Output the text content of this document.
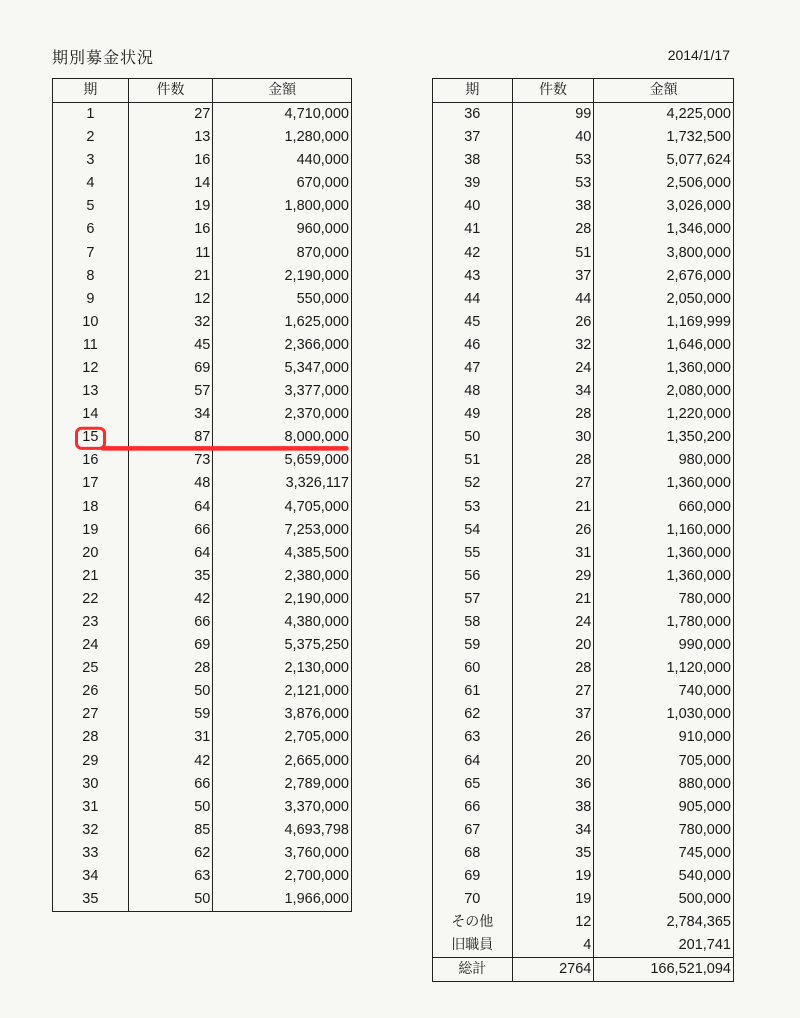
期別募金状況	2014/1/17
期	件数	金額
1	27	4,710,000
2	13	1,280,000
3	16	440,000
4	14	670,000
5	19	1,800,000
6	16	960,000
7	11	870,000
8	21	2,190,000
9	12	550,000
10	32	1,625,000
11	45	2,366,000
12	69	5,347,000
13	57	3,377,000
14	34	2,370,000
15	87	8,000,000
16	73	5,659,000
17	48	3,326,117
18	64	4,705,000
19	66	7,253,000
20	64	4,385,500
21	35	2,380,000
22	42	2,190,000
23	66	4,380,000
24	69	5,375,250
25	28	2,130,000
26	50	2,121,000
27	59	3,876,000
28	31	2,705,000
29	42	2,665,000
30	66	2,789,000
31	50	3,370,000
32	85	4,693,798
33	62	3,760,000
34	63	2,700,000
35	50	1,966,000
期	件数	金額
36	99	4,225,000
37	40	1,732,500
38	53	5,077,624
39	53	2,506,000
40	38	3,026,000
41	28	1,346,000
42	51	3,800,000
43	37	2,676,000
44	44	2,050,000
45	26	1,169,999
46	32	1,646,000
47	24	1,360,000
48	34	2,080,000
49	28	1,220,000
50	30	1,350,200
51	28	980,000
52	27	1,360,000
53	21	660,000
54	26	1,160,000
55	31	1,360,000
56	29	1,360,000
57	21	780,000
58	24	1,780,000
59	20	990,000
60	28	1,120,000
61	27	740,000
62	37	1,030,000
63	26	910,000
64	20	705,000
65	36	880,000
66	38	905,000
67	34	780,000
68	35	745,000
69	19	540,000
70	19	500,000
その他	12	2,784,365
旧職員	4	201,741
総計	2764	166,521,094
